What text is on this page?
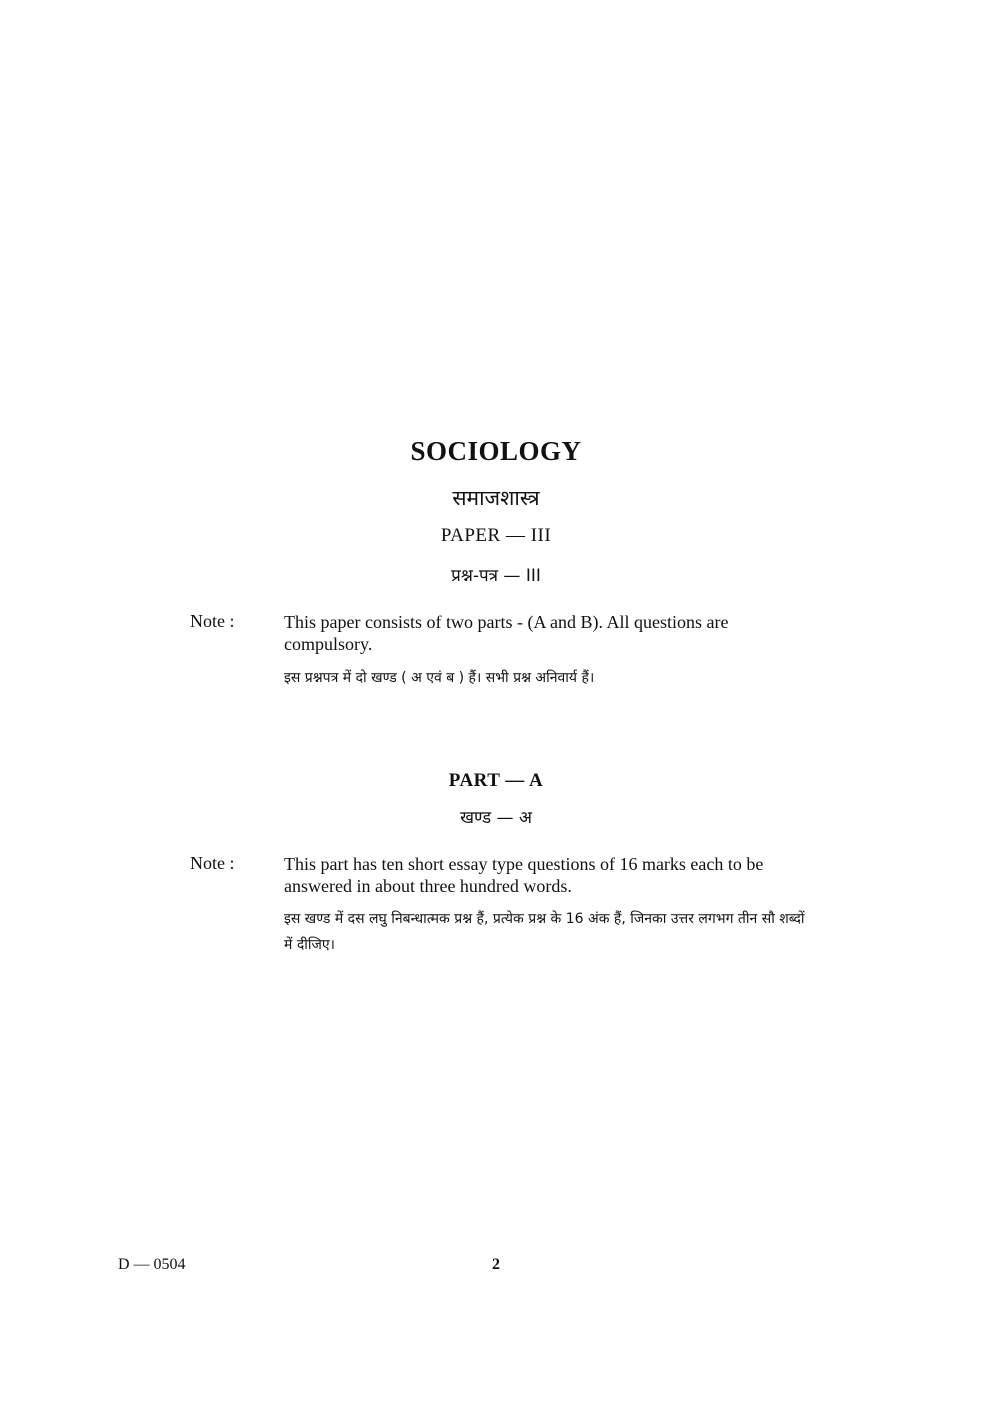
SOCIOLOGY
समाजशास्त्र
PAPER — III
प्रश्न-पत्र — III
Note :	This paper consists of two parts - (A and B). All questions are compulsory.
इस प्रश्नपत्र में दो खण्ड ( अ एवं ब ) हैं। सभी प्रश्न अनिवार्य हैं।
PART — A
खण्ड — अ
Note :	This part has ten short essay type questions of 16 marks each to be answered in about three hundred words.
इस खण्ड में दस लघु निबन्धात्मक प्रश्न हैं, प्रत्येक प्रश्न के 16 अंक हैं, जिनका उत्तर लगभग तीन सौ शब्दों में दीजिए।
D — 0504	2
